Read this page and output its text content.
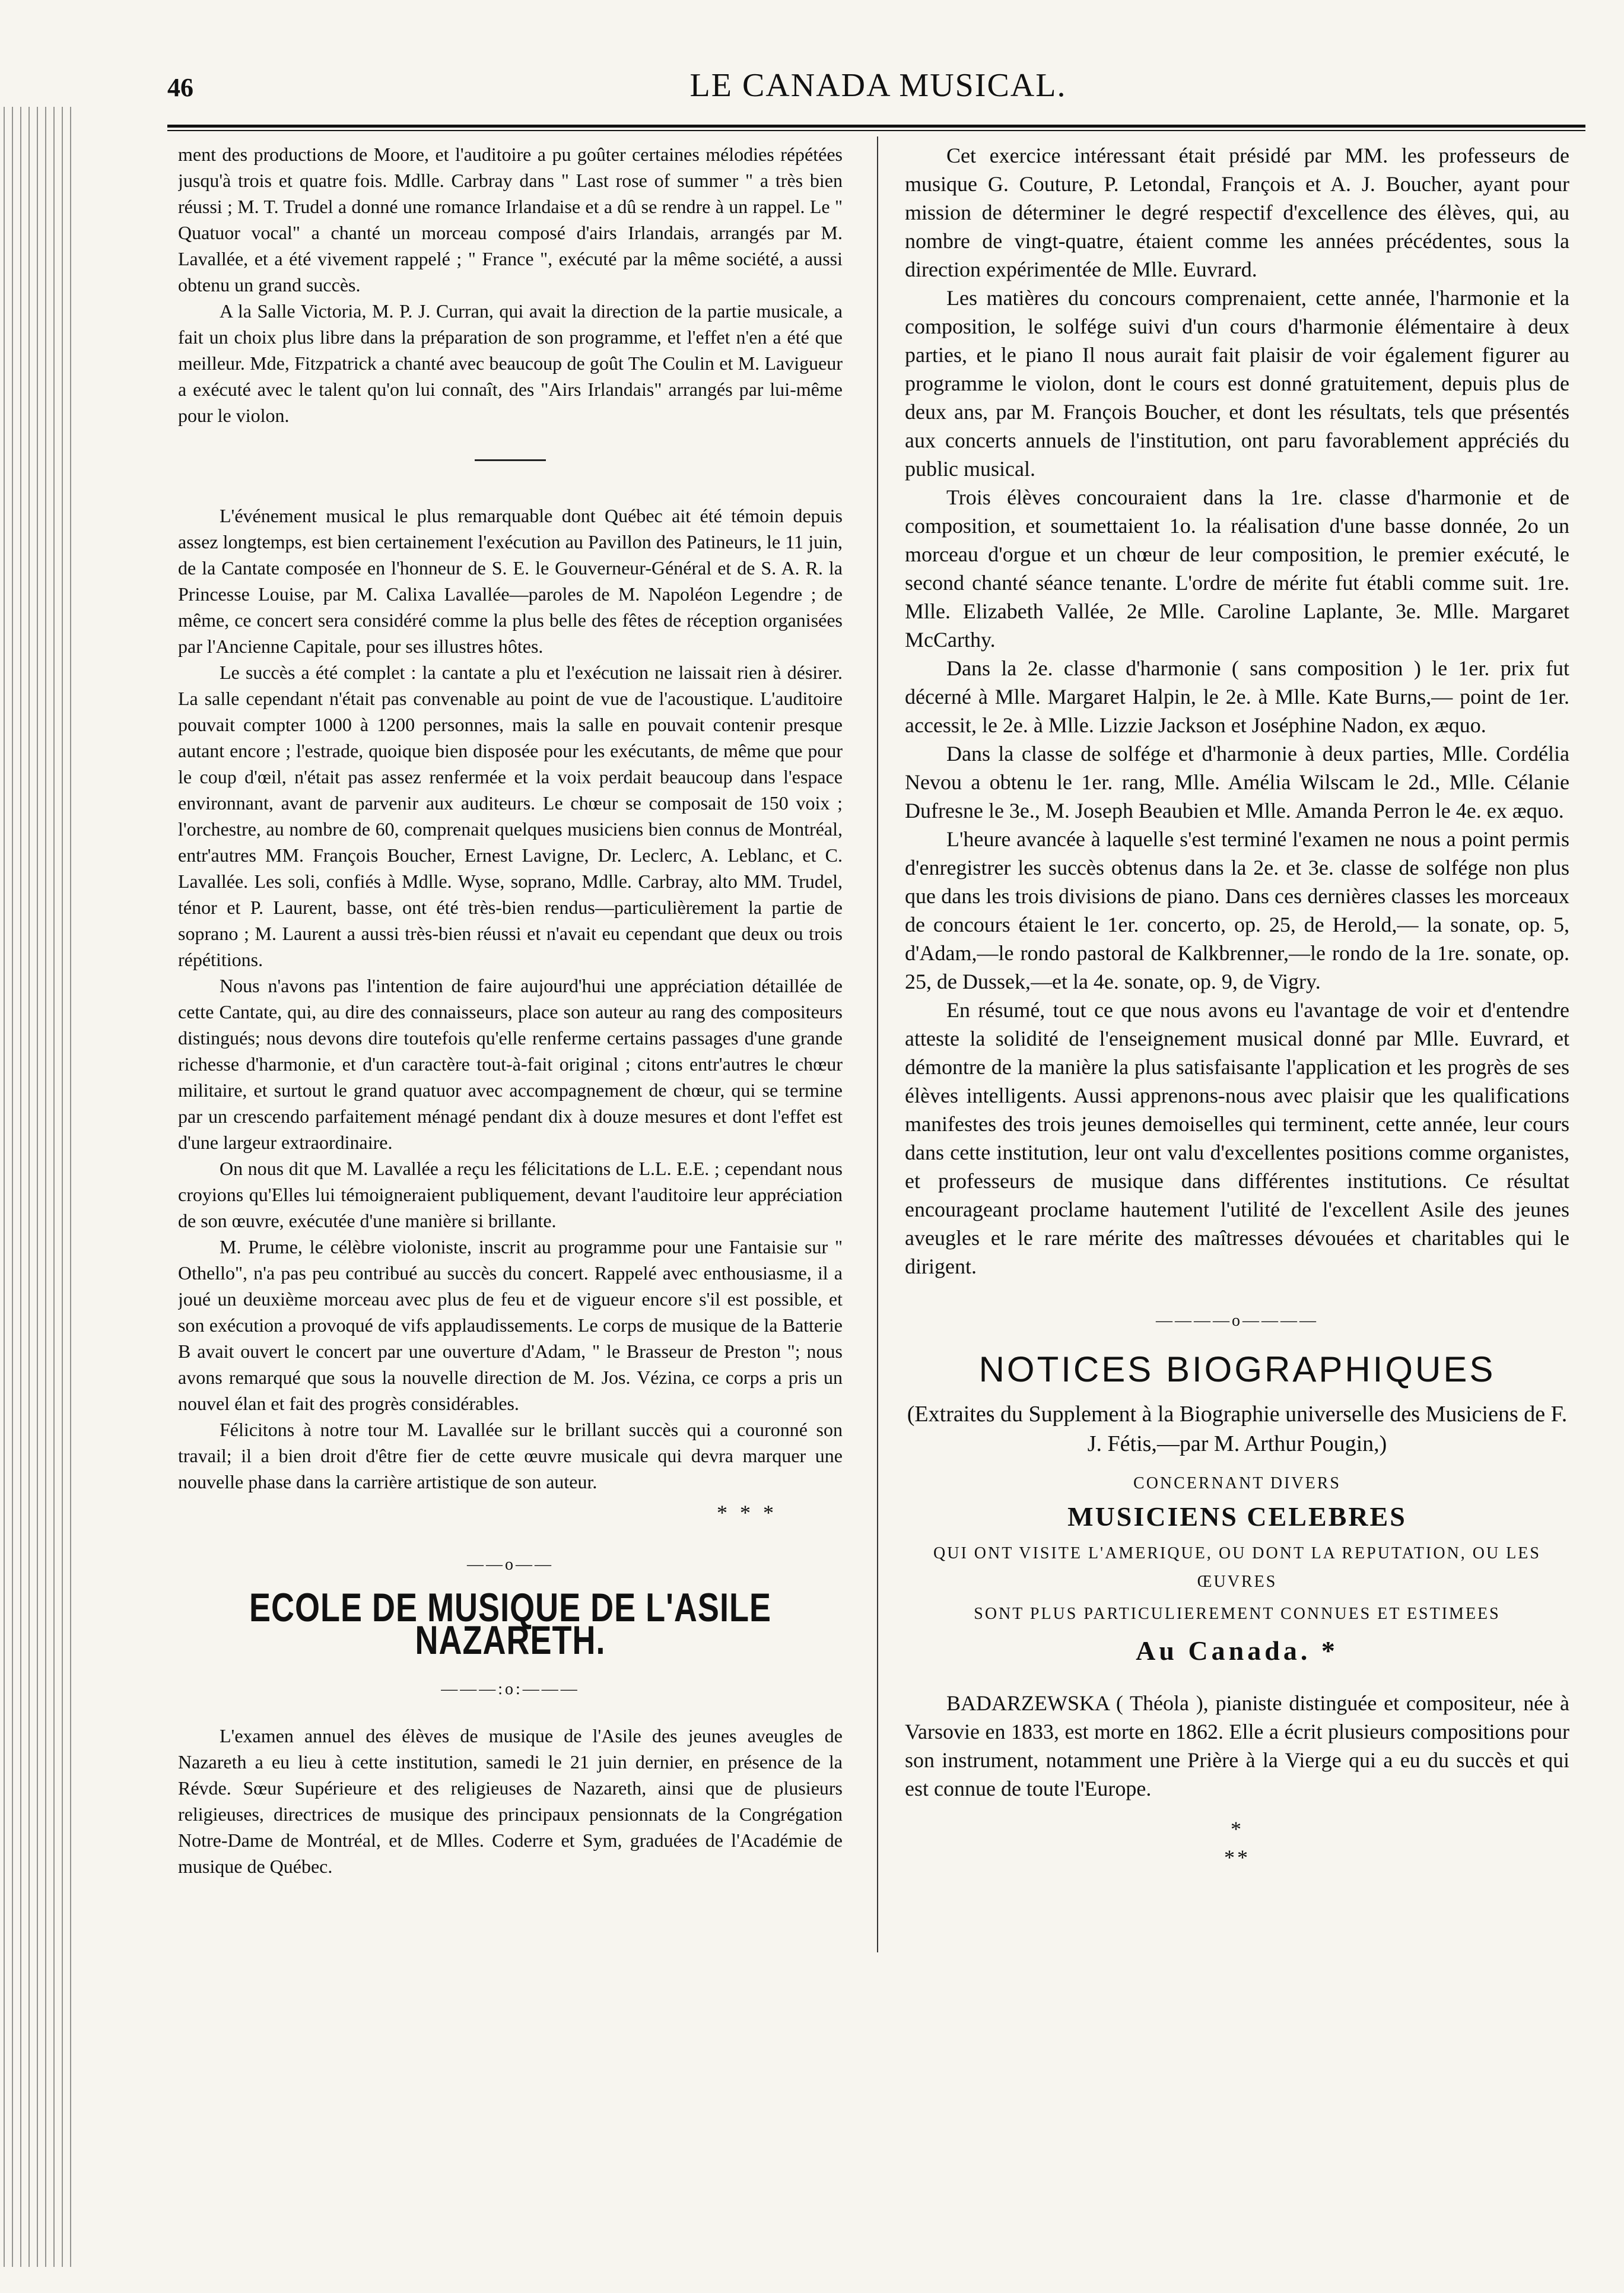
46	LE CANADA MUSICAL.

ment des productions de Moore, et l'auditoire a pu goûter certaines mélodies répétées jusqu'à trois et quatre fois. Mdlle. Carbray dans " Last rose of summer " a très bien réussi ; M. T. Trudel a donné une romance Irlandaise et a dû se rendre à un rappel. Le " Quatuor vocal" a chanté un morceau composé d'airs Irlandais, arrangés par M. Lavallée, et a été vivement rappelé ; " France ", exécuté par la même société, a aussi obtenu un grand succès.

A la Salle Victoria, M. P. J. Curran, qui avait la direction de la partie musicale, a fait un choix plus libre dans la préparation de son programme, et l'effet n'en a été que meilleur. Mde, Fitzpatrick a chanté avec beaucoup de goût The Coulin et M. Lavigueur a exécuté avec le talent qu'on lui connaît, des "Airs Irlandais" arrangés par lui-même pour le violon.

L'événement musical le plus remarquable dont Québec ait été témoin depuis assez longtemps, est bien certainement l'exécution au Pavillon des Patineurs, le 11 juin, de la Cantate composée en l'honneur de S. E. le Gouverneur-Général et de S. A. R. la Princesse Louise, par M. Calixa Lavallée—paroles de M. Napoléon Legendre ; de même, ce concert sera considéré comme la plus belle des fêtes de réception organisées par l'Ancienne Capitale, pour ses illustres hôtes.

Le succès a été complet : la cantate a plu et l'exécution ne laissait rien à désirer. La salle cependant n'était pas convenable au point de vue de l'acoustique. L'auditoire pouvait compter 1000 à 1200 personnes, mais la salle en pouvait contenir presque autant encore ; l'estrade, quoique bien disposée pour les exécutants, de même que pour le coup d'œil, n'était pas assez renfermée et la voix perdait beaucoup dans l'espace environnant, avant de parvenir aux auditeurs. Le chœur se composait de 150 voix ; l'orchestre, au nombre de 60, comprenait quelques musiciens bien connus de Montréal, entr'autres MM. François Boucher, Ernest Lavigne, Dr. Leclerc, A. Leblanc, et C. Lavallée. Les soli, confiés à Mdlle. Wyse, soprano, Mdlle. Carbray, alto MM. Trudel, ténor et P. Laurent, basse, ont été très-bien rendus—particulièrement la partie de soprano ; M. Laurent a aussi très-bien réussi et n'avait eu cependant que deux ou trois répétitions.

Nous n'avons pas l'intention de faire aujourd'hui une appréciation détaillée de cette Cantate, qui, au dire des connaisseurs, place son auteur au rang des compositeurs distingués; nous devons dire toutefois qu'elle renferme certains passages d'une grande richesse d'harmonie, et d'un caractère tout-à-fait original ; citons entr'autres le chœur militaire, et surtout le grand quatuor avec accompagnement de chœur, qui se termine par un crescendo parfaitement ménagé pendant dix à douze mesures et dont l'effet est d'une largeur extraordinaire.

On nous dit que M. Lavallée a reçu les félicitations de L.L. E.E. ; cependant nous croyions qu'Elles lui témoigneraient publiquement, devant l'auditoire leur appréciation de son œuvre, exécutée d'une manière si brillante.

M. Prume, le célèbre violoniste, inscrit au programme pour une Fantaisie sur " Othello", n'a pas peu contribué au succès du concert. Rappelé avec enthousiasme, il a joué un deuxième morceau avec plus de feu et de vigueur encore s'il est possible, et son exécution a provoqué de vifs applaudissements. Le corps de musique de la Batterie B avait ouvert le concert par une ouverture d'Adam, " le Brasseur de Preston "; nous avons remarqué que sous la nouvelle direction de M. Jos. Vézina, ce corps a pris un nouvel élan et fait des progrès considérables.

Félicitons à notre tour M. Lavallée sur le brillant succès qui a couronné son travail; il a bien droit d'être fier de cette œuvre musicale qui devra marquer une nouvelle phase dans la carrière artistique de son auteur.

* * *
——o——
ECOLE DE MUSIQUE DE L'ASILE NAZARETH.
———:o:———

L'examen annuel des élèves de musique de l'Asile des jeunes aveugles de Nazareth a eu lieu à cette institution, samedi le 21 juin dernier, en présence de la Révde. Sœur Supérieure et des religieuses de Nazareth, ainsi que de plusieurs religieuses, directrices de musique des principaux pensionnats de la Congrégation Notre-Dame de Montréal, et de Mlles. Coderre et Sym, graduées de l'Académie de musique de Québec.

Cet exercice intéressant était présidé par MM. les professeurs de musique G. Couture, P. Letondal, François et A. J. Boucher, ayant pour mission de déterminer le degré respectif d'excellence des élèves, qui, au nombre de vingt-quatre, étaient comme les années précédentes, sous la direction expérimentée de Mlle. Euvrard.

Les matières du concours comprenaient, cette année, l'harmonie et la composition, le solfége suivi d'un cours d'harmonie élémentaire à deux parties, et le piano Il nous aurait fait plaisir de voir également figurer au programme le violon, dont le cours est donné gratuitement, depuis plus de deux ans, par M. François Boucher, et dont les résultats, tels que présentés aux concerts annuels de l'institution, ont paru favorablement appréciés du public musical.

Trois élèves concouraient dans la 1re. classe d'harmonie et de composition, et soumettaient 1o. la réalisation d'une basse donnée, 2o un morceau d'orgue et un chœur de leur composition, le premier exécuté, le second chanté séance tenante. L'ordre de mérite fut établi comme suit. 1re. Mlle. Elizabeth Vallée, 2e Mlle. Caroline Laplante, 3e. Mlle. Margaret McCarthy.

Dans la 2e. classe d'harmonie ( sans composition ) le 1er. prix fut décerné à Mlle. Margaret Halpin, le 2e. à Mlle. Kate Burns,— point de 1er. accessit, le 2e. à Mlle. Lizzie Jackson et Joséphine Nadon, ex æquo.

Dans la classe de solfége et d'harmonie à deux parties, Mlle. Cordélia Nevou a obtenu le 1er. rang, Mlle. Amélia Wilscam le 2d., Mlle. Célanie Dufresne le 3e., M. Joseph Beaubien et Mlle. Amanda Perron le 4e. ex æquo.

L'heure avancée à laquelle s'est terminé l'examen ne nous a point permis d'enregistrer les succès obtenus dans la 2e. et 3e. classe de solfége non plus que dans les trois divisions de piano. Dans ces dernières classes les morceaux de concours étaient le 1er. concerto, op. 25, de Herold,— la sonate, op. 5, d'Adam,—le rondo pastoral de Kalkbrenner,—le rondo de la 1re. sonate, op. 25, de Dussek,—et la 4e. sonate, op. 9, de Vigry.

En résumé, tout ce que nous avons eu l'avantage de voir et d'entendre atteste la solidité de l'enseignement musical donné par Mlle. Euvrard, et démontre de la manière la plus satisfaisante l'application et les progrès de ses élèves intelligents. Aussi apprenons-nous avec plaisir que les qualifications manifestes des trois jeunes demoiselles qui terminent, cette année, leur cours dans cette institution, leur ont valu d'excellentes positions comme organistes, et professeurs de musique dans différentes institutions. Ce résultat encourageant proclame hautement l'utilité de l'excellent Asile des jeunes aveugles et le rare mérite des maîtresses dévouées et charitables qui le dirigent.

————o————
NOTICES BIOGRAPHIQUES
(Extraites du Supplement à la Biographie universelle des Musiciens de F. J. Fétis,—par M. Arthur Pougin,)
CONCERNANT DIVERS
MUSICIENS CELEBRES
QUI ONT VISITE L'AMERIQUE, OU DONT LA REPUTATION, OU LES ŒUVRES
SONT PLUS PARTICULIEREMENT CONNUES ET ESTIMEES
Au Canada. *

BADARZEWSKA ( Théola ), pianiste distinguée et compositeur, née à Varsovie en 1833, est morte en 1862. Elle a écrit plusieurs compositions pour son instrument, notamment une Prière à la Vierge qui a eu du succès et qui est connue de toute l'Europe.

*
**
